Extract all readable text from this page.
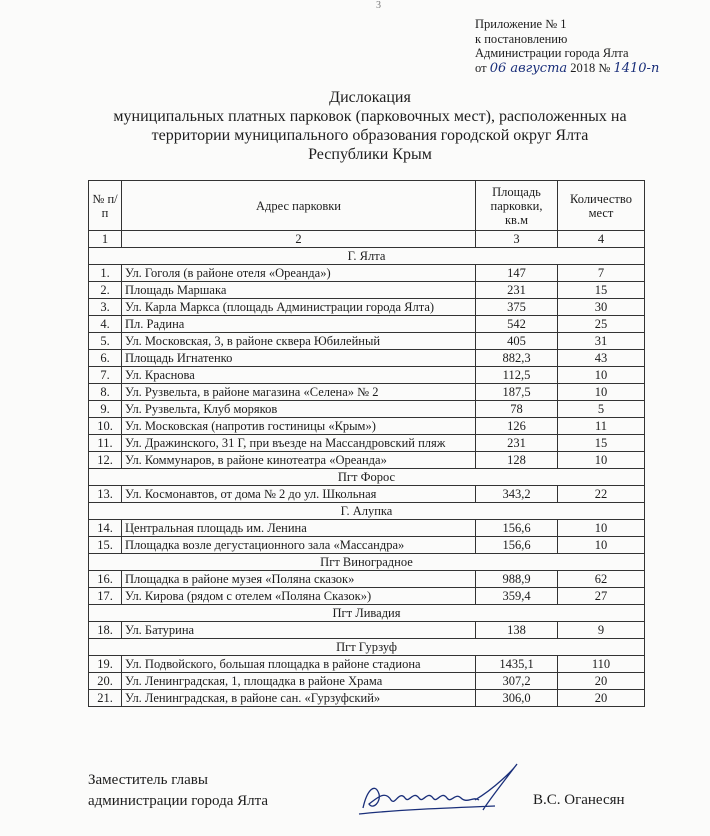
3
Приложение № 1
к постановлению
Администрации города Ялта
от 06 августа 2018 № 1410-п
Дислокация
муниципальных платных парковок (парковочных мест), расположенных на
территории муниципального образования городской округ Ялта
Республики Крым
№ п/п	Адрес парковки	Площадь парковки, кв.м	Количество мест
1	2	3	4
Г. Ялта			
1.	Ул. Гоголя (в районе отеля «Ореанда»)	147	7
2.	Площадь Маршака	231	15
3.	Ул. Карла Маркса (площадь Администрации города Ялта)	375	30
4.	Пл. Радина	542	25
5.	Ул. Московская, 3, в районе сквера Юбилейный	405	31
6.	Площадь Игнатенко	882,3	43
7.	Ул. Краснова	112,5	10
8.	Ул. Рузвельта, в районе магазина «Селена» № 2	187,5	10
9.	Ул. Рузвельта, Клуб моряков	78	5
10.	Ул. Московская (напротив гостиницы «Крым»)	126	11
11.	Ул. Дражинского, 31 Г, при въезде на Массандровский пляж	231	15
12.	Ул. Коммунаров, в районе кинотеатра «Ореанда»	128	10
Пгт Форос			
13.	Ул. Космонавтов, от дома № 2 до ул. Школьная	343,2	22
Г. Алупка			
14.	Центральная площадь им. Ленина	156,6	10
15.	Площадка возле дегустационного зала «Массандра»	156,6	10
Пгт Виноградное			
16.	Площадка в районе музея «Поляна сказок»	988,9	62
17.	Ул. Кирова (рядом с отелем «Поляна Сказок»)	359,4	27
Пгт Ливадия			
18.	Ул. Батурина	138	9
Пгт Гурзуф			
19.	Ул. Подвойского, большая площадка в районе стадиона	1435,1	110
20.	Ул. Ленинградская, 1, площадка в районе Храма	307,2	20
21.	Ул. Ленинградская, в районе сан. «Гурзуфский»	306,0	20
Заместитель главы
администрации города Ялта	В.С. Оганесян
